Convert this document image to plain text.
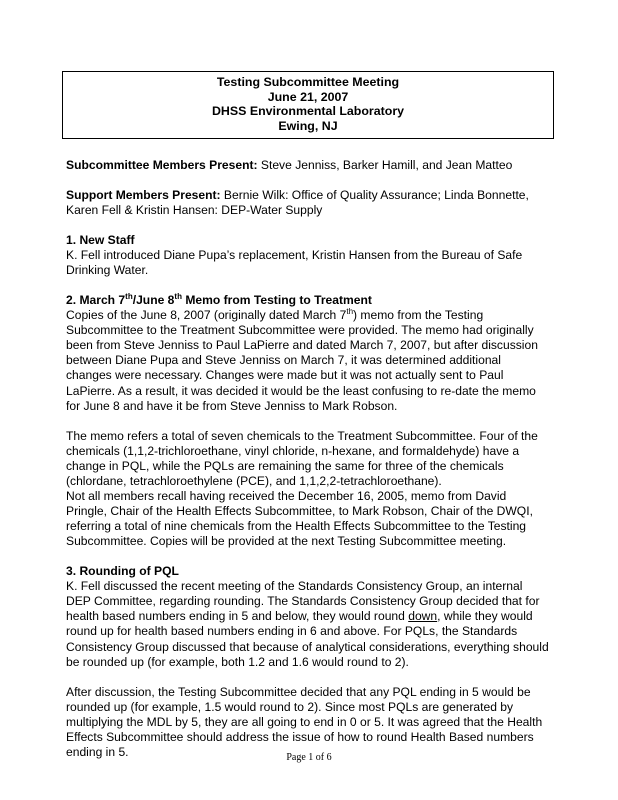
Testing Subcommittee Meeting
June 21, 2007
DHSS Environmental Laboratory
Ewing, NJ

Subcommittee Members Present: Steve Jenniss, Barker Hamill, and Jean Matteo

Support Members Present: Bernie Wilk: Office of Quality Assurance; Linda Bonnette,

Karen Fell & Kristin Hansen: DEP-Water Supply

1. New Staff

K. Fell introduced Diane Pupa’s replacement, Kristin Hansen from the Bureau of Safe

Drinking Water.

2. March 7th/June 8th Memo from Testing to Treatment

Copies of the June 8, 2007 (originally dated March 7th) memo from the Testing

Subcommittee to the Treatment Subcommittee were provided. The memo had originally

been from Steve Jenniss to Paul LaPierre and dated March 7, 2007, but after discussion

between Diane Pupa and Steve Jenniss on March 7, it was determined additional

changes were necessary. Changes were made but it was not actually sent to Paul

LaPierre. As a result, it was decided it would be the least confusing to re-date the memo

for June 8 and have it be from Steve Jenniss to Mark Robson.

The memo refers a total of seven chemicals to the Treatment Subcommittee. Four of the

chemicals (1,1,2-trichloroethane, vinyl chloride, n-hexane, and formaldehyde) have a

change in PQL, while the PQLs are remaining the same for three of the chemicals

(chlordane, tetrachloroethylene (PCE), and 1,1,2,2-tetrachloroethane).

Not all members recall having received the December 16, 2005, memo from David

Pringle, Chair of the Health Effects Subcommittee, to Mark Robson, Chair of the DWQI,

referring a total of nine chemicals from the Health Effects Subcommittee to the Testing

Subcommittee. Copies will be provided at the next Testing Subcommittee meeting.

3. Rounding of PQL

K. Fell discussed the recent meeting of the Standards Consistency Group, an internal

DEP Committee, regarding rounding. The Standards Consistency Group decided that for

health based numbers ending in 5 and below, they would round down, while they would

round up for health based numbers ending in 6 and above. For PQLs, the Standards

Consistency Group discussed that because of analytical considerations, everything should

be rounded up (for example, both 1.2 and 1.6 would round to 2).

After discussion, the Testing Subcommittee decided that any PQL ending in 5 would be

rounded up (for example, 1.5 would round to 2). Since most PQLs are generated by

multiplying the MDL by 5, they are all going to end in 0 or 5. It was agreed that the Health

Effects Subcommittee should address the issue of how to round Health Based numbers

ending in 5.	Page 1 of 6
